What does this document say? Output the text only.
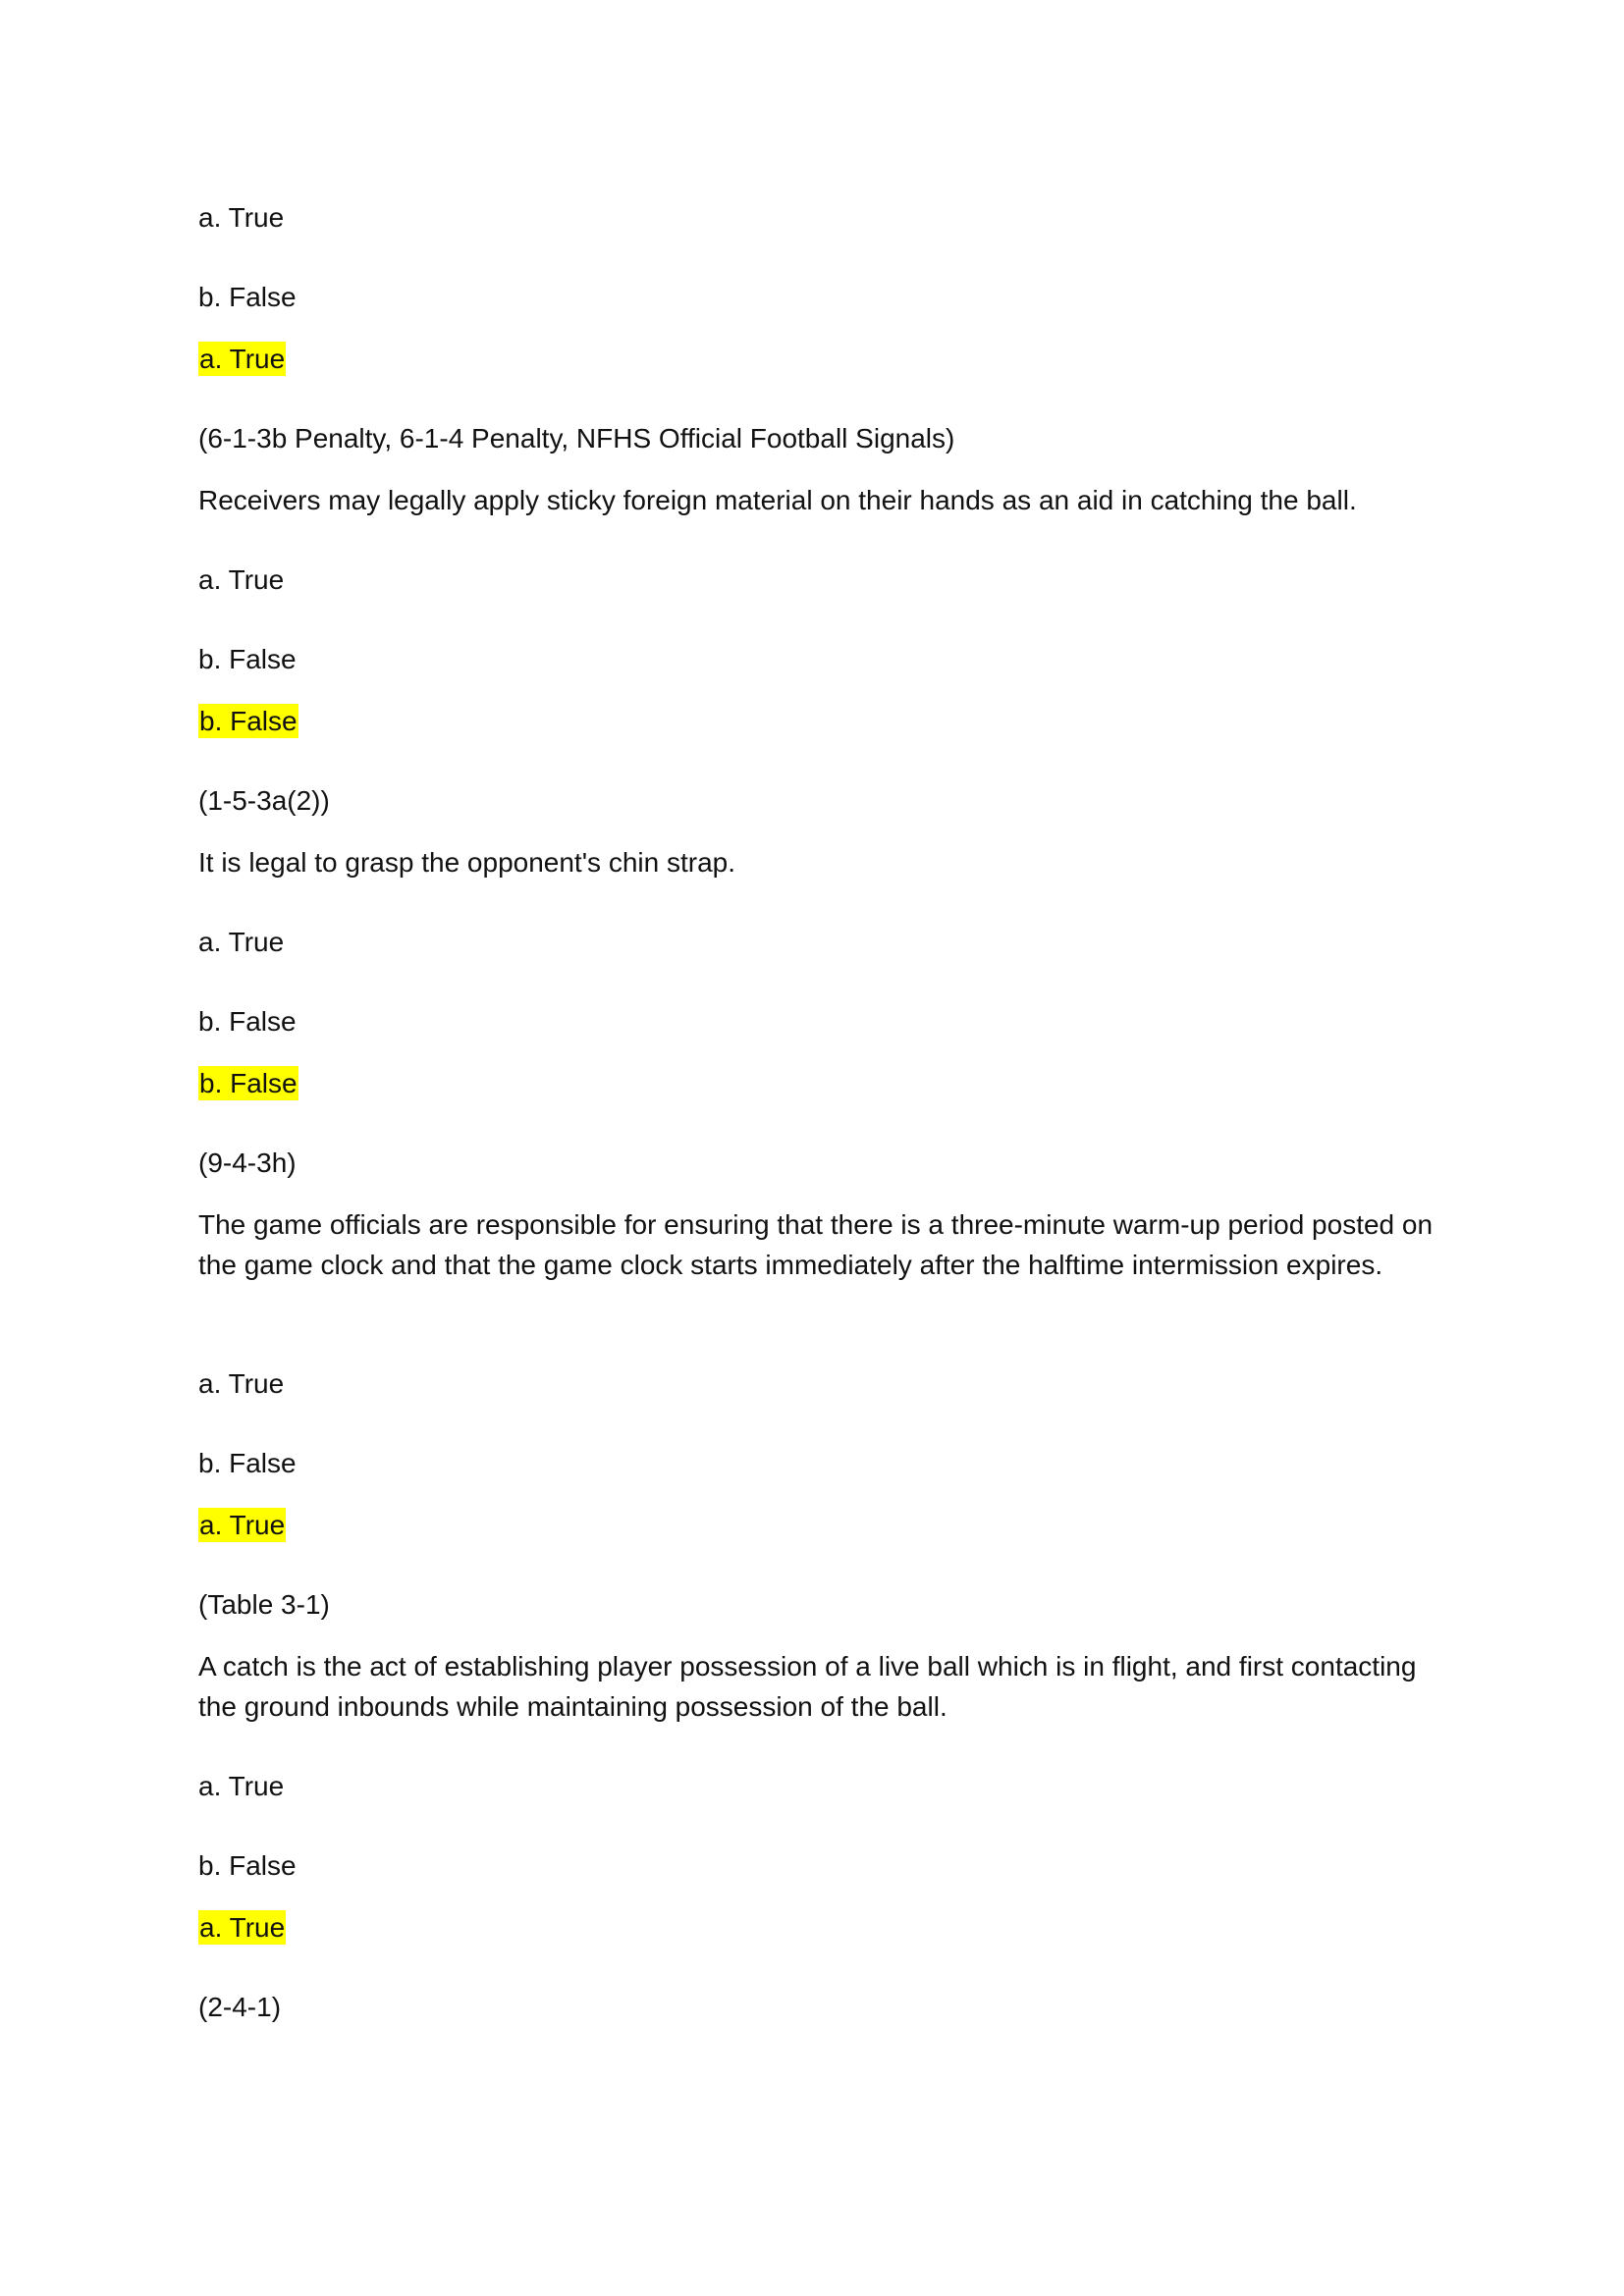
a. True
b. False
a. True
(6-1-3b Penalty, 6-1-4 Penalty, NFHS Official Football Signals)
Receivers may legally apply sticky foreign material on their hands as an aid in catching the ball.
a. True
b. False
b. False
(1-5-3a(2))
It is legal to grasp the opponent's chin strap.
a. True
b. False
b. False
(9-4-3h)
The game officials are responsible for ensuring that there is a three-minute warm-up period posted on the game clock and that the game clock starts immediately after the halftime intermission expires.
a. True
b. False
a. True
(Table 3-1)
A catch is the act of establishing player possession of a live ball which is in flight, and first contacting the ground inbounds while maintaining possession of the ball.
a. True
b. False
a. True
(2-4-1)
